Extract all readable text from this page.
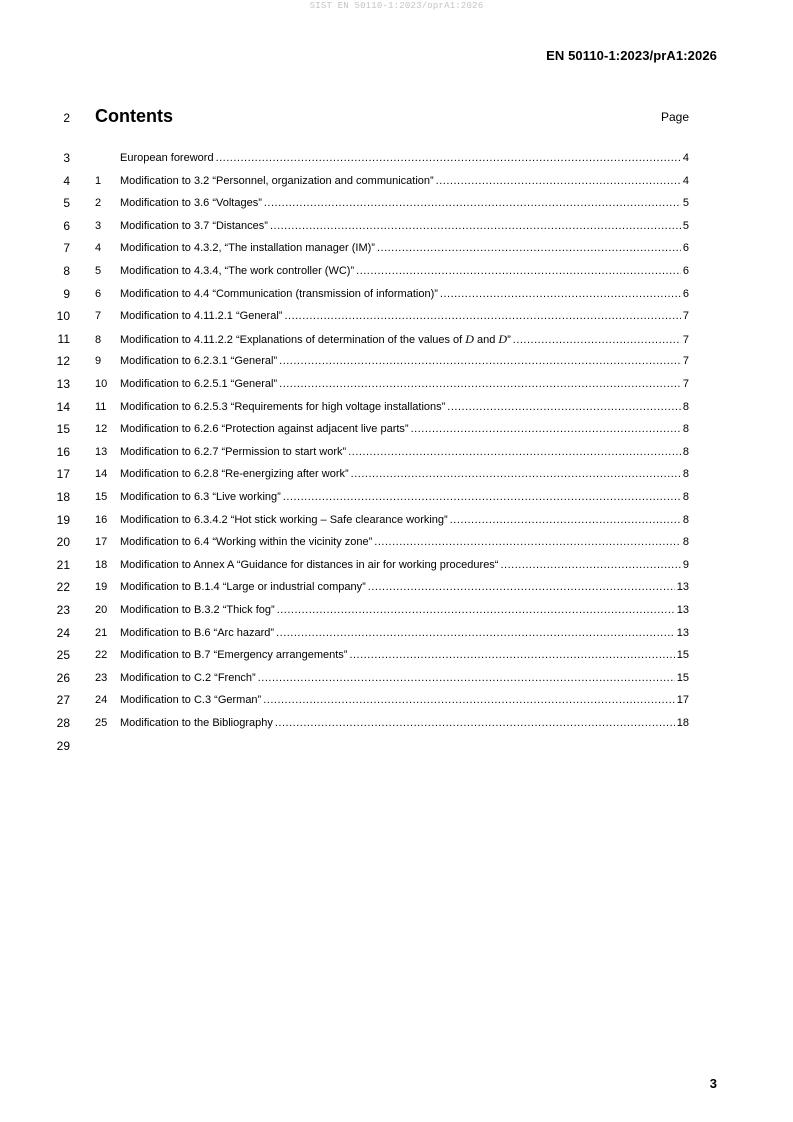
SIST EN 50110-1:2023/oprA1:2026
EN 50110-1:2023/prA1:2026
2 Contents	Page
3	European foreword .....	4
4 1	Modification to 3.2 “Personnel, organization and communication” .....	4
5 2	Modification to 3.6 “Voltages” .....	5
6 3	Modification to 3.7 “Distances” .....	5
7 4	Modification to 4.3.2, “The installation manager (IM)” .....	6
8 5	Modification to 4.3.4, “The work controller (WC)” .....	6
9 6	Modification to 4.4 “Communication (transmission of information)” .....	6
10 7	Modification to 4.11.2.1 “General” .....	7
11 8	Modification to 4.11.2.2 “Explanations of determination of the values of D and D” .....	7
12 9	Modification to 6.2.3.1 “General” .....	7
13 10	Modification to 6.2.5.1 “General” .....	7
14 11	Modification to 6.2.5.3 “Requirements for high voltage installations” .....	8
15 12	Modification to 6.2.6 “Protection against adjacent live parts” .....	8
16 13	Modification to 6.2.7 “Permission to start work” .....	8
17 14	Modification to 6.2.8 “Re-energizing after work” .....	8
18 15	Modification to 6.3 “Live working” .....	8
19 16	Modification to 6.3.4.2 “Hot stick working – Safe clearance working” .....	8
20 17	Modification to 6.4 “Working within the vicinity zone” .....	8
21 18	Modification to Annex A “Guidance for distances in air for working procedures“ .....	9
22 19	Modification to B.1.4 “Large or industrial company” .....	13
23 20	Modification to B.3.2 “Thick fog” .....	13
24 21	Modification to B.6 “Arc hazard” .....	13
25 22	Modification to B.7 “Emergency arrangements” .....	15
26 23	Modification to C.2 “French” .....	15
27 24	Modification to C.3 “German” .....	17
28 25	Modification to the Bibliography .....	18
29
3
